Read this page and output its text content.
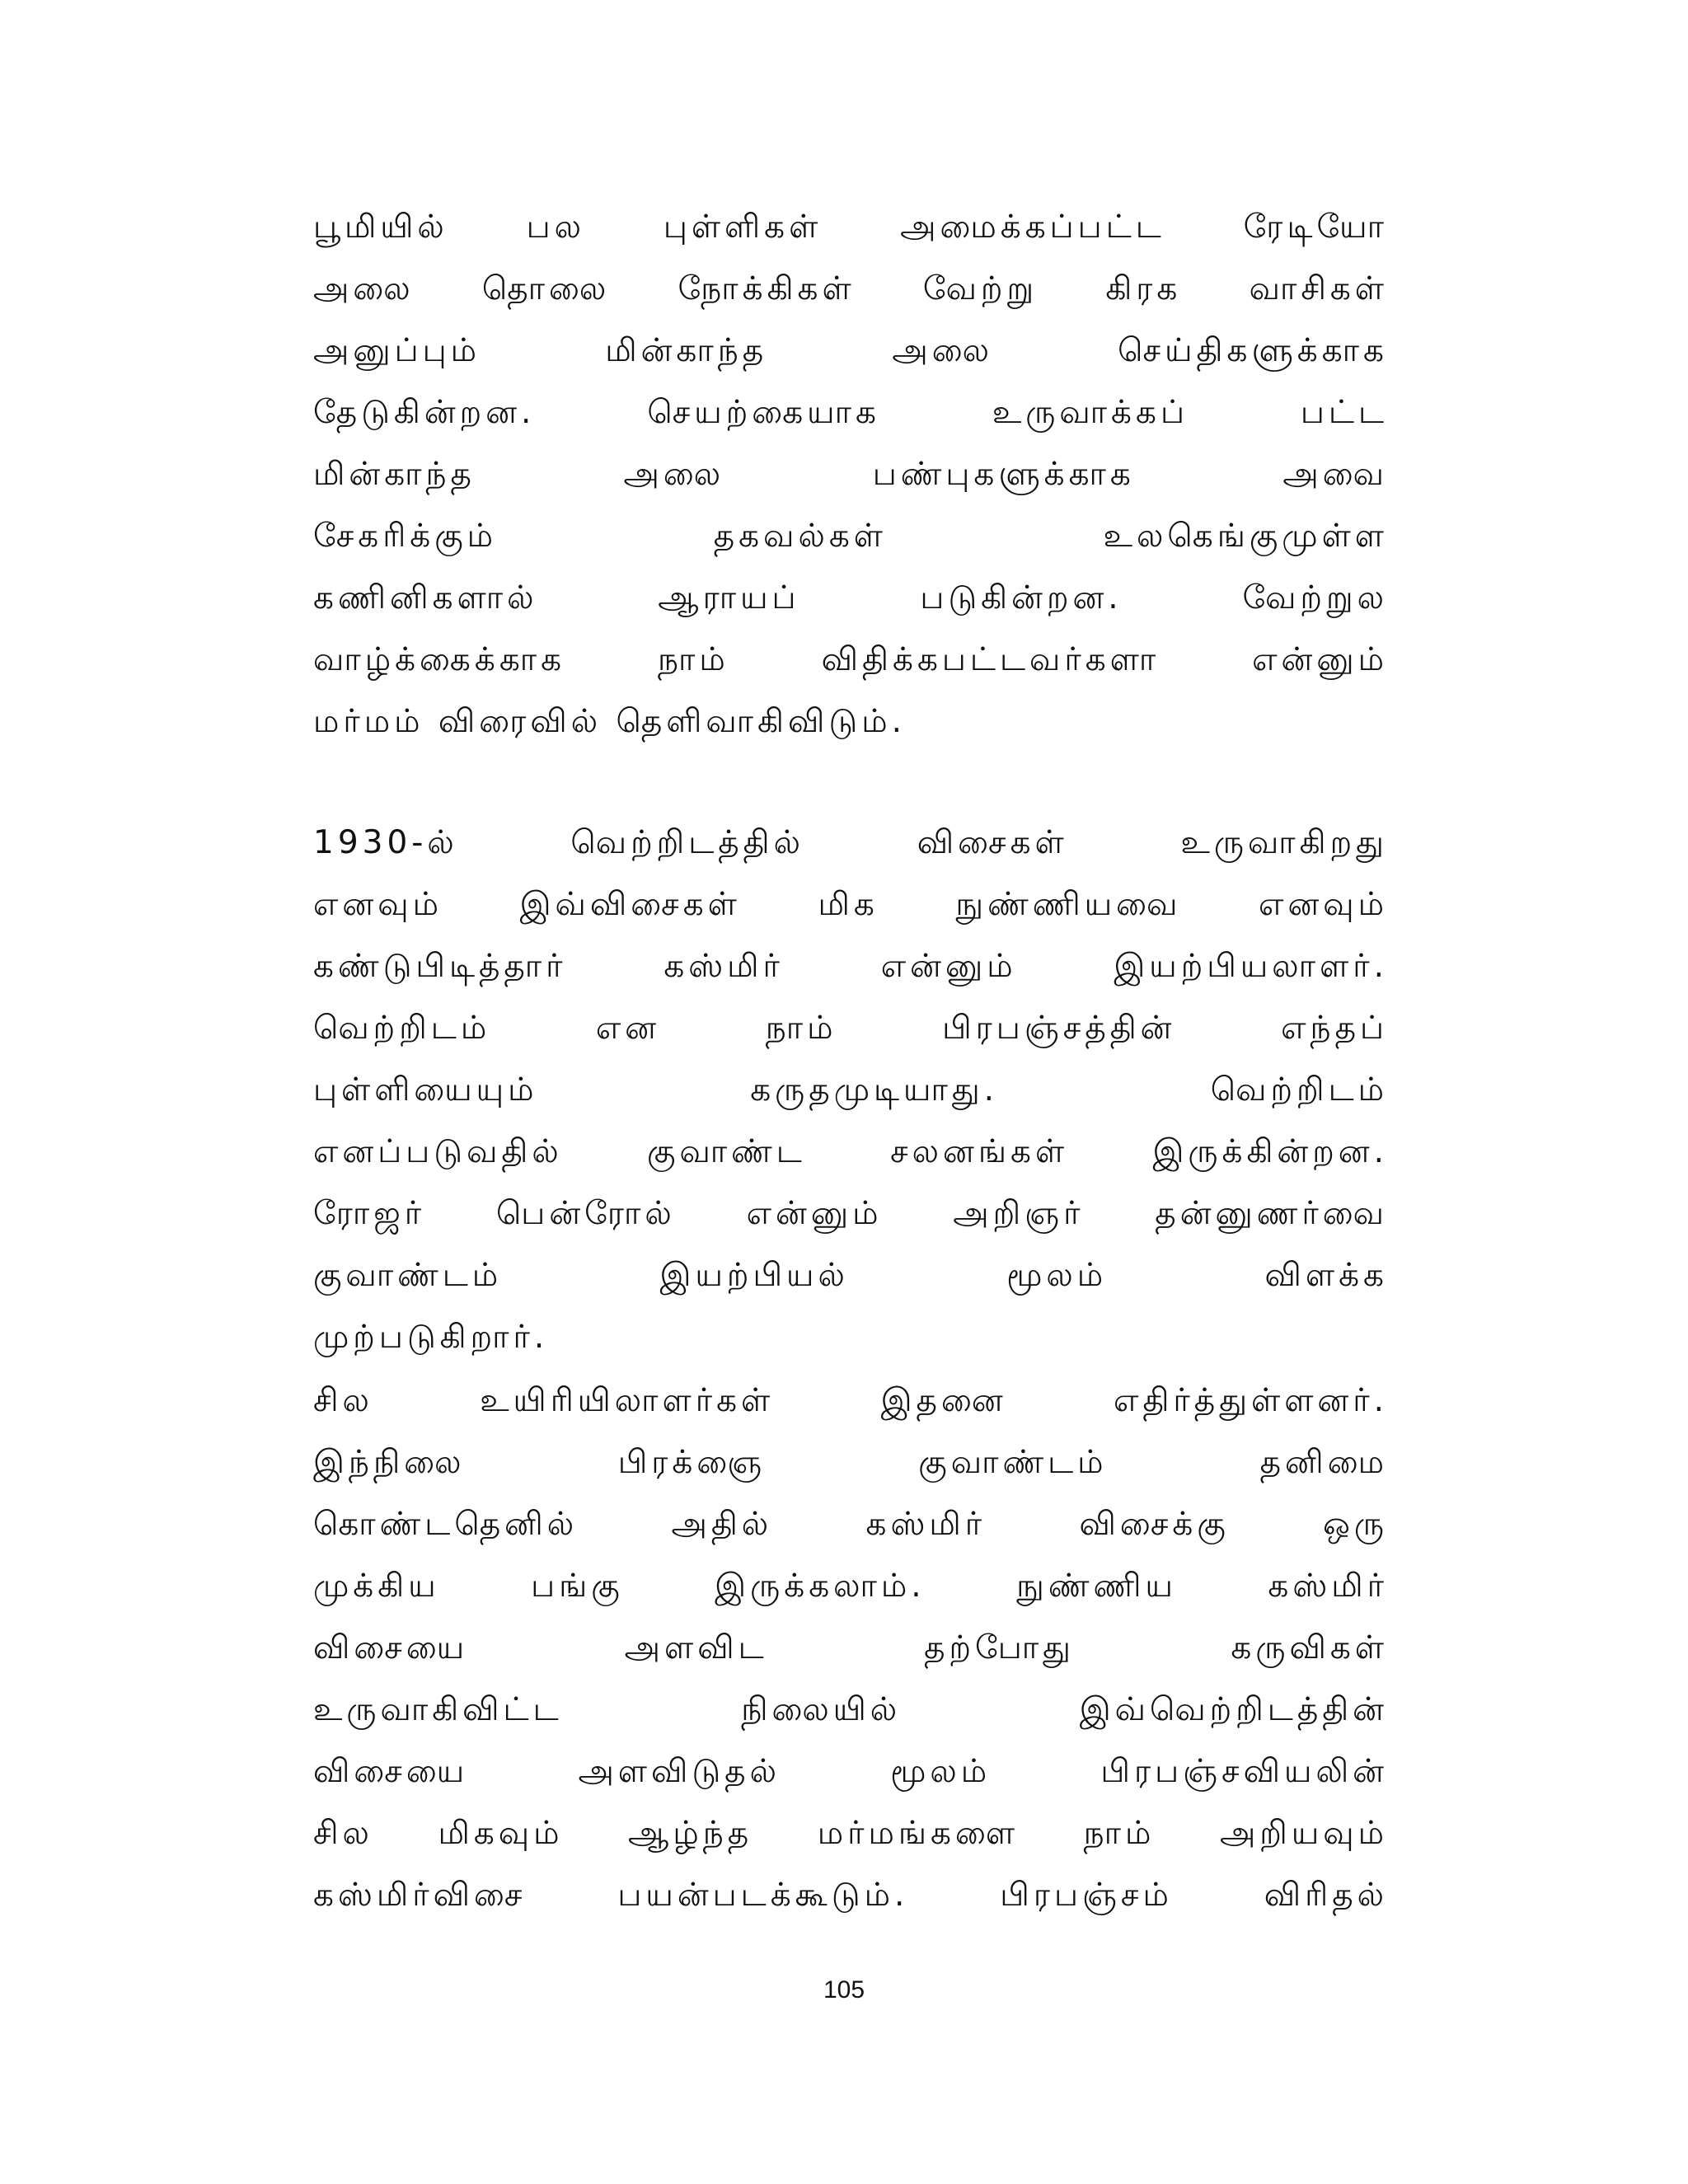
பூமியில் பல புள்ளிகள் அமைக்கப்பட்ட ரேடியோ
அலை தொலை நோக்கிகள் வேற்று கிரக வாசிகள்
அனுப்பும் மின்காந்த அலை செய்திகளுக்காக
தேடுகின்றன. செயற்கையாக உருவாக்கப் பட்ட
மின்காந்த அலை பண்புகளுக்காக அவை
சேகரிக்கும் தகவல்கள் உலகெங்குமுள்ள
கணினிகளால் ஆராயப் படுகின்றன. வேற்றுல
வாழ்க்கைக்காக நாம் விதிக்கபட்டவர்களா என்னும்
மர்மம் விரைவில் தெளிவாகிவிடும்.
1930-ல் வெற்றிடத்தில் விசைகள் உருவாகிறது
எனவும் இவ்விசைகள் மிக நுண்ணியவை எனவும்
கண்டுபிடித்தார் கஸ்மிர் என்னும் இயற்பியலாளர்.
வெற்றிடம் என நாம் பிரபஞ்சத்தின் எந்தப்
புள்ளியையும் கருதமுடியாது. வெற்றிடம்
எனப்படுவதில் குவாண்ட சலனங்கள் இருக்கின்றன.
ரோஜர் பென்ரோல் என்னும் அறிஞர் தன்னுணர்வை
குவாண்டம் இயற்பியல் மூலம் விளக்க
முற்படுகிறார்.
சில உயிரியிலாளர்கள் இதனை எதிர்த்துள்ளனர்.
இந்நிலை பிரக்ஞை குவாண்டம் தனிமை
கொண்டதெனில் அதில் கஸ்மிர் விசைக்கு ஒரு
முக்கிய பங்கு இருக்கலாம். நுண்ணிய கஸ்மிர்
விசையை அளவிட தற்போது கருவிகள்
உருவாகிவிட்ட நிலையில் இவ்வெற்றிடத்தின்
விசையை அளவிடுதல் மூலம் பிரபஞ்சவியலின்
சில மிகவும் ஆழ்ந்த மர்மங்களை நாம் அறியவும்
கஸ்மிர்விசை பயன்படக்கூடும். பிரபஞ்சம் விரிதல்
105
